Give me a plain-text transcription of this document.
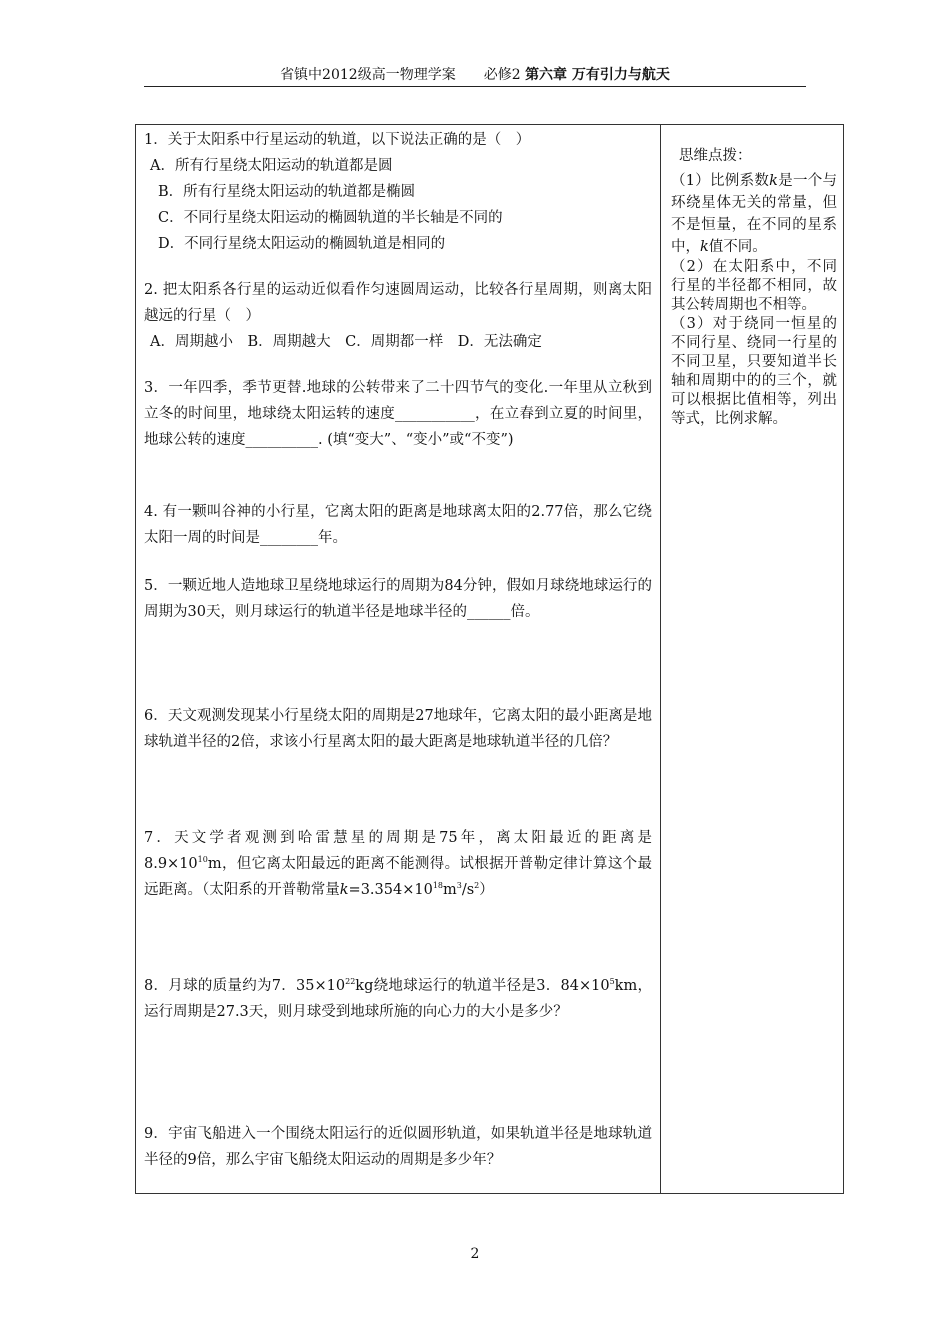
省镇中2012级高一物理学案　　必修2 第六章 万有引力与航天
1．关于太阳系中行星运动的轨道，以下说法正确的是（　）
A．所有行星绕太阳运动的轨道都是圆
B．所有行星绕太阳运动的轨道都是椭圆
C．不同行星绕太阳运动的椭圆轨道的半长轴是不同的
D．不同行星绕太阳运动的椭圆轨道是相同的
2. 把太阳系各行星的运动近似看作匀速圆周运动，比较各行星周期，则离太阳越远的行星（　）
A．周期越小　B．周期越大　C．周期都一样　D．无法确定
3．一年四季，季节更替.地球的公转带来了二十四节气的变化.一年里从立秋到立冬的时间里，地球绕太阳运转的速度___________，在立春到立夏的时间里，地球公转的速度__________. (填“变大”、“变小”或“不变”)
4. 有一颗叫谷神的小行星，它离太阳的距离是地球离太阳的2.77倍，那么它绕太阳一周的时间是________年。
5．一颗近地人造地球卫星绕地球运行的周期为84分钟，假如月球绕地球运行的周期为30天，则月球运行的轨道半径是地球半径的______倍。
6．天文观测发现某小行星绕太阳的周期是27地球年，它离太阳的最小距离是地球轨道半径的2倍，求该小行星离太阳的最大距离是地球轨道半径的几倍？
7．天文学者观测到哈雷慧星的周期是75年，离太阳最近的距离是$8.9\times 10^{10}m$，但它离太阳最远的距离不能测得。试根据开普勒定律计算这个最远距离。（太阳系的开普勒常量$k=3.354\times 10^{18}m^3/s^2$）
8．月球的质量约为7．$35\times 10^{22}kg$绕地球运行的轨道半径是3．$84\times 10^5km$，运行周期是27.3天，则月球受到地球所施的向心力的大小是多少？
9．宇宙飞船进入一个围绕太阳运行的近似圆形轨道，如果轨道半径是地球轨道半径的9倍，那么宇宙飞船绕太阳运动的周期是多少年？
思维点拨：
（1）比例系数k是一个与环绕星体无关的常量，但不是恒量，在不同的星系中，k值不同。
（2）在太阳系中，不同行星的半径都不相同，故其公转周期也不相等。
（3）对于绕同一恒星的不同行星、绕同一行星的不同卫星，只要知道半长轴和周期中的的三个，就可以根据比值相等，列出等式，比例求解。
2
